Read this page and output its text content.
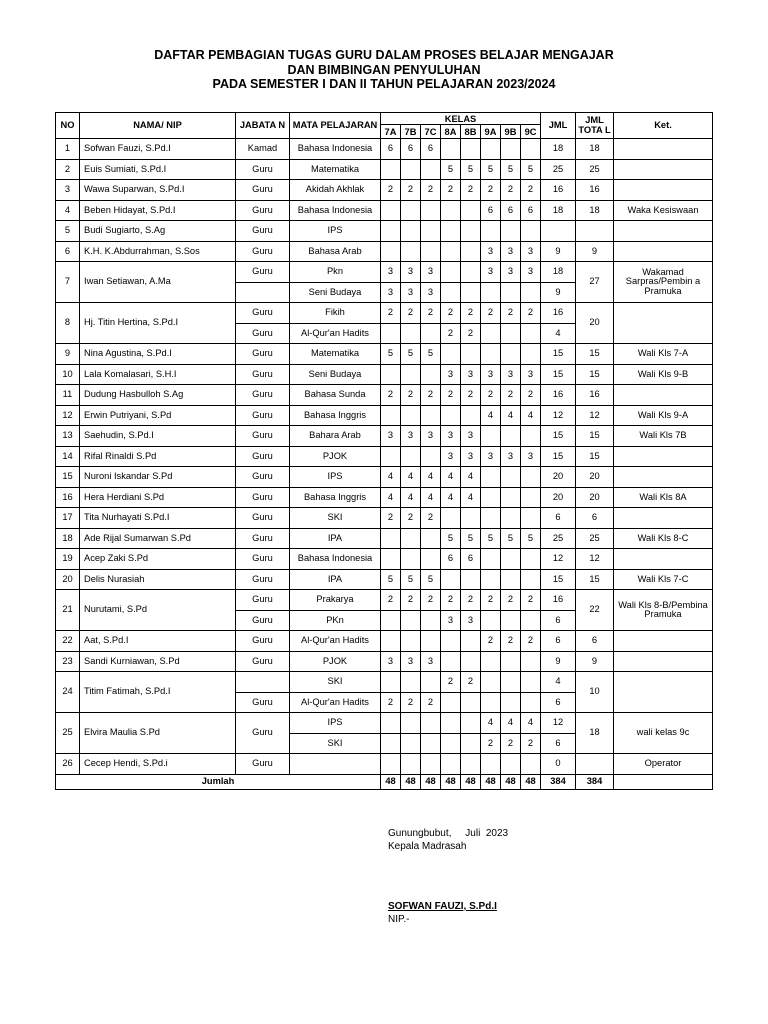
DAFTAR PEMBAGIAN TUGAS GURU DALAM PROSES BELAJAR MENGAJAR
DAN BIMBINGAN PENYULUHAN
PADA SEMESTER I DAN II TAHUN PELAJARAN 2023/2024
NO	NAMA/ NIP	JABATA N	MATA PELAJARAN	KELAS								JML	JML TOTA L	Ket.
				7A	7B	7C	8A	8B	9A	9B	9C			
1	Sofwan Fauzi, S.Pd.I	Kamad	Bahasa Indonesia	6	6	6						18	18	
2	Euis Sumiati, S.Pd.I	Guru	Matematika				5	5	5	5	5	25	25	
3	Wawa Suparwan, S.Pd.I	Guru	Akidah Akhlak	2	2	2	2	2	2	2	2	16	16	
4	Beben Hidayat, S.Pd.I	Guru	Bahasa Indonesia						6	6	6	18	18	Waka Kesiswaan
5	Budi Sugiarto, S.Ag	Guru	IPS											
6	K.H. K.Abdurrahman, S.Sos	Guru	Bahasa Arab						3	3	3	9	9	
7	Iwan Setiawan, A.Ma	Guru	Pkn	3	3	3			3	3	3	18	27	Wakamad Sarpras/Pembin a Pramuka
			Seni Budaya	3	3	3						9		
8	Hj. Titin Hertina, S.Pd.I	Guru	Fikih	2	2	2	2	2	2	2	2	16	20	
		Guru	Al-Qur'an Hadits				2	2				4		
9	Nina Agustina, S.Pd.I	Guru	Matematika	5	5	5						15	15	Wali Kls 7-A
10	Lala Komalasari, S.H.I	Guru	Seni Budaya				3	3	3	3	3	15	15	Wali Kls 9-B
11	Dudung Hasbulloh S.Ag	Guru	Bahasa Sunda	2	2	2	2	2	2	2	2	16	16	
12	Erwin Putriyani, S.Pd	Guru	Bahasa Inggris						4	4	4	12	12	Wali Kls 9-A
13	Saehudin, S.Pd.I	Guru	Bahara Arab	3	3	3	3	3				15	15	Wali Kls 7B
14	Rifal Rinaldi S.Pd	Guru	PJOK				3	3	3	3	3	15	15	
15	Nuroni Iskandar S.Pd	Guru	IPS	4	4	4	4	4				20	20	
16	Hera Herdiani S.Pd	Guru	Bahasa Inggris	4	4	4	4	4				20	20	Wali Kls 8A
17	Tita Nurhayati S.Pd.I	Guru	SKI	2	2	2						6	6	
18	Ade Rijal Sumarwan S.Pd	Guru	IPA				5	5	5	5	5	25	25	Wali Kls 8-C
19	Acep Zaki S.Pd	Guru	Bahasa Indonesia				6	6				12	12	
20	Delis Nurasiah	Guru	IPA	5	5	5						15	15	Wali Kls 7-C
21	Nurutami, S.Pd	Guru	Prakarya	2	2	2	2	2	2	2	2	16	22	Wali Kls 8-B/Pembina Pramuka
		Guru	PKn				3	3				6		
22	Aat, S.Pd.I	Guru	Al-Qur'an Hadits						2	2	2	6	6	
23	Sandi Kurniawan, S.Pd	Guru	PJOK	3	3	3						9	9	
24	Titim Fatimah, S.Pd.I		SKI				2	2				4	10	
		Guru	Al-Qur'an Hadits	2	2	2						6		
25	Elvira Maulia S.Pd	Guru	IPS						4	4	4	12	18	wali kelas 9c
			SKI						2	2	2	6		
26	Cecep Hendi, S.Pd.i	Guru										0		Operator
Jumlah				48	48	48	48	48	48	48	48	384	384	
Gunungbubut,     Juli  2023
Kepala Madrasah
SOFWAN FAUZI, S.Pd.I
NIP.-
